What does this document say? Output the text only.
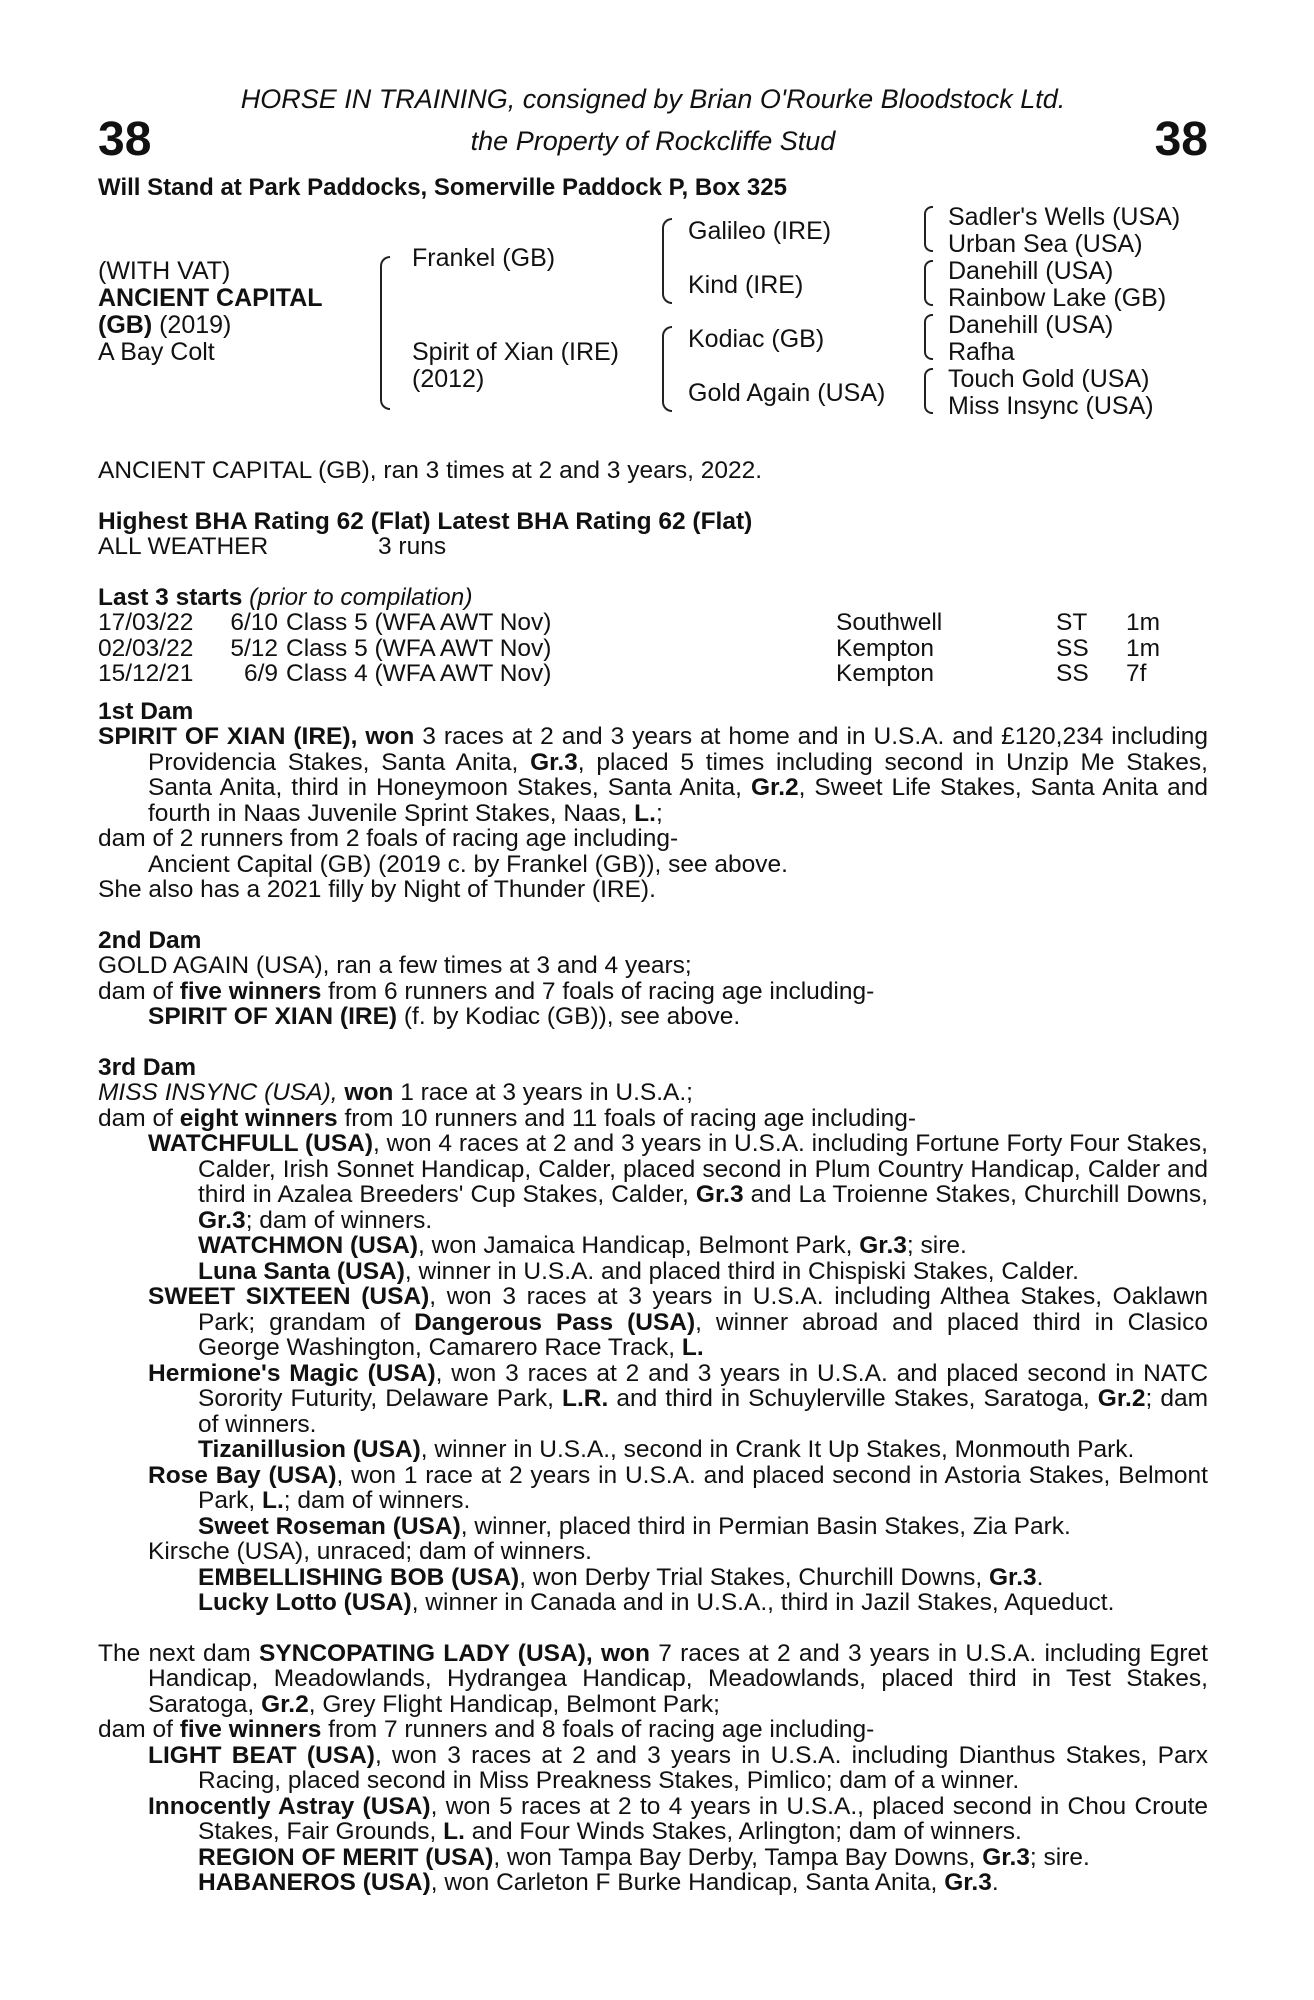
38	38
HORSE IN TRAINING, consigned by Brian O'Rourke Bloodstock Ltd.
the Property of Rockcliffe Stud
Will Stand at Park Paddocks, Somerville Paddock P, Box 325
(WITH VAT)
ANCIENT CAPITAL
(GB) (2019)
A Bay Colt
Frankel (GB)
Spirit of Xian (IRE)
(2012)
Galileo (IRE)
Kind (IRE)
Kodiac (GB)
Gold Again (USA)
Sadler's Wells (USA)
Urban Sea (USA)
Danehill (USA)
Rainbow Lake (GB)
Danehill (USA)
Rafha
Touch Gold (USA)
Miss Insync (USA)

ANCIENT CAPITAL (GB), ran 3 times at 2 and 3 years, 2022.

Highest BHA Rating 62 (Flat) Latest BHA Rating 62 (Flat)

ALL WEATHER	3 runs

Last 3 starts (prior to compilation)

17/03/22	6/10 Class 5 (WFA AWT Nov)	Southwell	ST	1m
02/03/22	5/12 Class 5 (WFA AWT Nov)	Kempton	SS	1m
15/12/21	6/9 Class 4 (WFA AWT Nov)	Kempton	SS	7f

1st Dam

SPIRIT OF XIAN (IRE), won 3 races at 2 and 3 years at home and in U.S.A. and £120,234 including Providencia Stakes, Santa Anita, Gr.3, placed 5 times including second in Unzip Me Stakes, Santa Anita, third in Honeymoon Stakes, Santa Anita, Gr.2, Sweet Life Stakes, Santa Anita and fourth in Naas Juvenile Sprint Stakes, Naas, L.;

dam of 2 runners from 2 foals of racing age including-

Ancient Capital (GB) (2019 c. by Frankel (GB)), see above.

She also has a 2021 filly by Night of Thunder (IRE).

2nd Dam

GOLD AGAIN (USA), ran a few times at 3 and 4 years;

dam of five winners from 6 runners and 7 foals of racing age including-

SPIRIT OF XIAN (IRE) (f. by Kodiac (GB)), see above.

3rd Dam

MISS INSYNC (USA), won 1 race at 3 years in U.S.A.;

dam of eight winners from 10 runners and 11 foals of racing age including-

WATCHFULL (USA), won 4 races at 2 and 3 years in U.S.A. including Fortune Forty Four Stakes, Calder, Irish Sonnet Handicap, Calder, placed second in Plum Country Handicap, Calder and third in Azalea Breeders' Cup Stakes, Calder, Gr.3 and La Troienne Stakes, Churchill Downs, Gr.3; dam of winners.

WATCHMON (USA), won Jamaica Handicap, Belmont Park, Gr.3; sire.

Luna Santa (USA), winner in U.S.A. and placed third in Chispiski Stakes, Calder.

SWEET SIXTEEN (USA), won 3 races at 3 years in U.S.A. including Althea Stakes, Oaklawn Park; grandam of Dangerous Pass (USA), winner abroad and placed third in Clasico George Washington, Camarero Race Track, L.

Hermione's Magic (USA), won 3 races at 2 and 3 years in U.S.A. and placed second in NATC Sorority Futurity, Delaware Park, L.R. and third in Schuylerville Stakes, Saratoga, Gr.2; dam of winners.

Tizanillusion (USA), winner in U.S.A., second in Crank It Up Stakes, Monmouth Park.

Rose Bay (USA), won 1 race at 2 years in U.S.A. and placed second in Astoria Stakes, Belmont Park, L.; dam of winners.

Sweet Roseman (USA), winner, placed third in Permian Basin Stakes, Zia Park.

Kirsche (USA), unraced; dam of winners.

EMBELLISHING BOB (USA), won Derby Trial Stakes, Churchill Downs, Gr.3.

Lucky Lotto (USA), winner in Canada and in U.S.A., third in Jazil Stakes, Aqueduct.

The next dam SYNCOPATING LADY (USA), won 7 races at 2 and 3 years in U.S.A. including Egret Handicap, Meadowlands, Hydrangea Handicap, Meadowlands, placed third in Test Stakes, Saratoga, Gr.2, Grey Flight Handicap, Belmont Park;

dam of five winners from 7 runners and 8 foals of racing age including-

LIGHT BEAT (USA), won 3 races at 2 and 3 years in U.S.A. including Dianthus Stakes, Parx Racing, placed second in Miss Preakness Stakes, Pimlico; dam of a winner.

Innocently Astray (USA), won 5 races at 2 to 4 years in U.S.A., placed second in Chou Croute Stakes, Fair Grounds, L. and Four Winds Stakes, Arlington; dam of winners.

REGION OF MERIT (USA), won Tampa Bay Derby, Tampa Bay Downs, Gr.3; sire.

HABANEROS (USA), won Carleton F Burke Handicap, Santa Anita, Gr.3.
